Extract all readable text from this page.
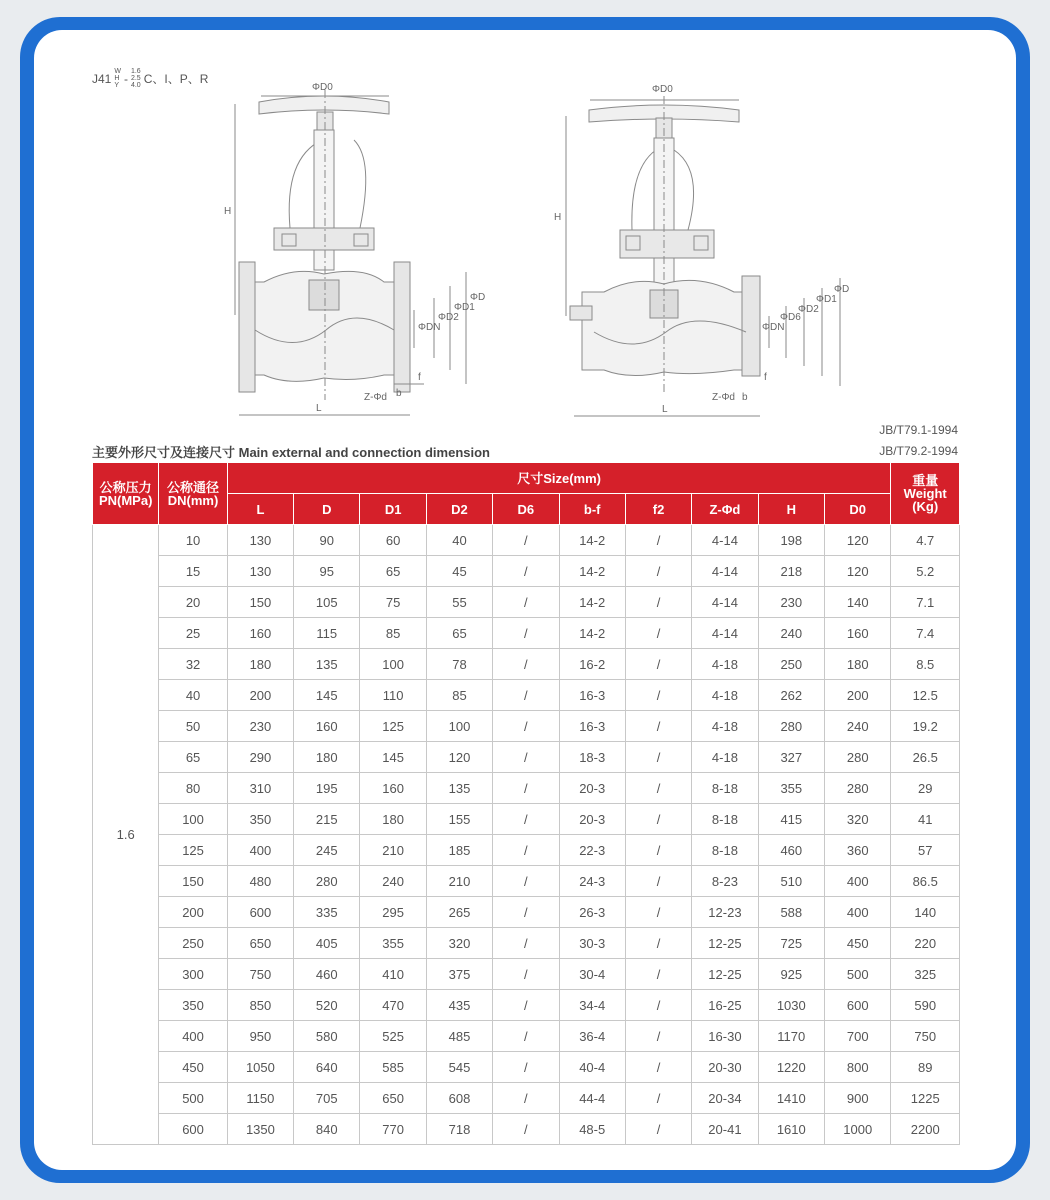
J41 W
H
Y - 1.6
2.5
4.0 C、I、P、R
ΦD0
H
L
ΦDN
ΦD2
ΦD1
ΦD
Z-Φd b
f
ΦD0
H
L
ΦDN
ΦD6
ΦD2
ΦD1
ΦD
Z-Φd b
f
JB/T79.1-1994
JB/T79.2-1994
主要外形尺寸及连接尺寸 Main external and connection dimension
公称压力
PN(MPa)	公称通径
DN(mm)	尺寸Size(mm)										重量
Weight
(Kg)
		L	D	D1	D2	D6	b-f	f2	Z-Φd	H	D0	
1.6	10	130	90	60	40	/	14-2	/	4-14	198	120	4.7
	15	130	95	65	45	/	14-2	/	4-14	218	120	5.2
	20	150	105	75	55	/	14-2	/	4-14	230	140	7.1
	25	160	115	85	65	/	14-2	/	4-14	240	160	7.4
	32	180	135	100	78	/	16-2	/	4-18	250	180	8.5
	40	200	145	110	85	/	16-3	/	4-18	262	200	12.5
	50	230	160	125	100	/	16-3	/	4-18	280	240	19.2
	65	290	180	145	120	/	18-3	/	4-18	327	280	26.5
	80	310	195	160	135	/	20-3	/	8-18	355	280	29
	100	350	215	180	155	/	20-3	/	8-18	415	320	41
	125	400	245	210	185	/	22-3	/	8-18	460	360	57
	150	480	280	240	210	/	24-3	/	8-23	510	400	86.5
	200	600	335	295	265	/	26-3	/	12-23	588	400	140
	250	650	405	355	320	/	30-3	/	12-25	725	450	220
	300	750	460	410	375	/	30-4	/	12-25	925	500	325
	350	850	520	470	435	/	34-4	/	16-25	1030	600	590
	400	950	580	525	485	/	36-4	/	16-30	1170	700	750
	450	1050	640	585	545	/	40-4	/	20-30	1220	800	89
	500	1150	705	650	608	/	44-4	/	20-34	1410	900	1225
	600	1350	840	770	718	/	48-5	/	20-41	1610	1000	2200
